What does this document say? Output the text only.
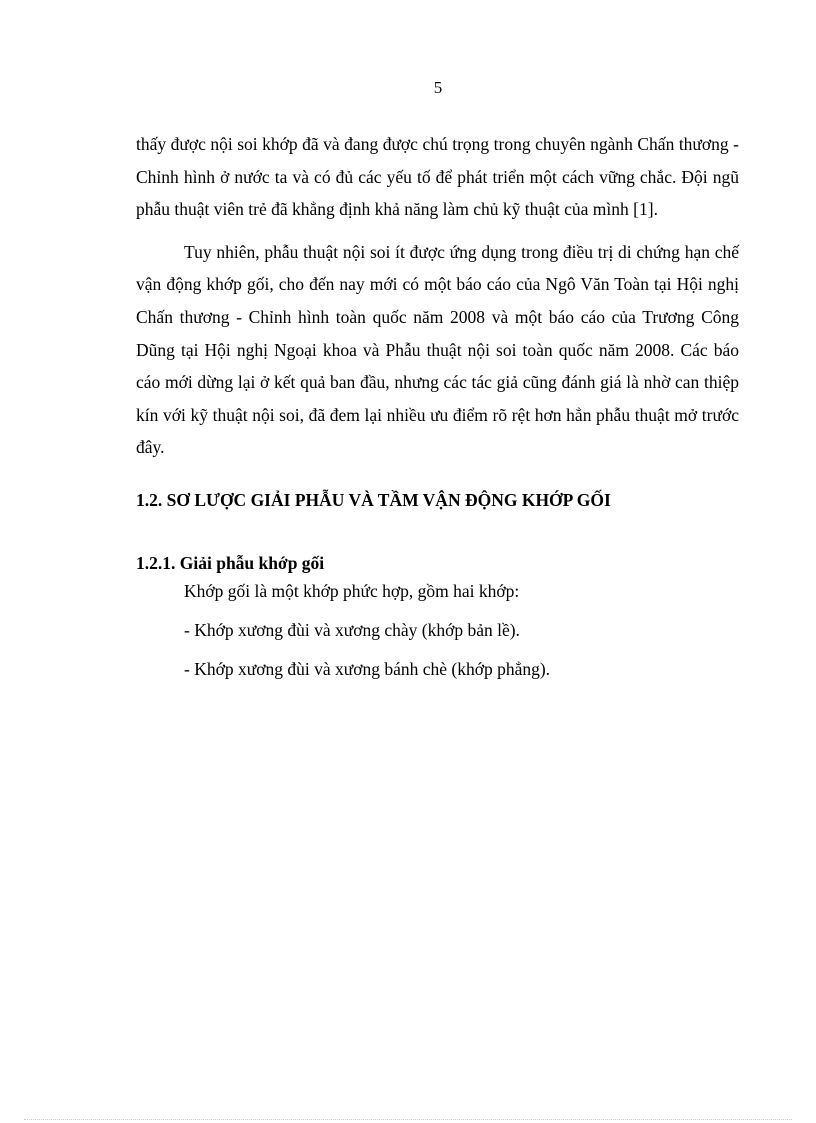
5

thấy được nội soi khớp đã và đang được chú trọng trong chuyên ngành Chấn thương - Chỉnh hình ở nước ta và có đủ các yếu tố để phát triển một cách vững chắc. Đội ngũ phẫu thuật viên trẻ đã khẳng định khả năng làm chủ kỹ thuật của mình [1].

Tuy nhiên, phẫu thuật nội soi ít được ứng dụng trong điều trị di chứng hạn chế vận động khớp gối, cho đến nay mới có một báo cáo của Ngô Văn Toàn tại Hội nghị Chấn thương - Chỉnh hình toàn quốc năm 2008 và một báo cáo của Trương Công Dũng tại Hội nghị Ngoại khoa và Phẫu thuật nội soi toàn quốc năm 2008. Các báo cáo mới dừng lại ở kết quả ban đầu, nhưng các tác giả cũng đánh giá là nhờ can thiệp kín với kỹ thuật nội soi, đã đem lại nhiều ưu điểm rõ rệt hơn hẳn phẫu thuật mở trước đây.

1.2. SƠ LƯỢC GIẢI PHẪU VÀ TẦM VẬN ĐỘNG KHỚP GỐI
1.2.1. Giải phẫu khớp gối

Khớp gối là một khớp phức hợp, gồm hai khớp:

- Khớp xương đùi và xương chày (khớp bản lề).

- Khớp xương đùi và xương bánh chè (khớp phẳng).
